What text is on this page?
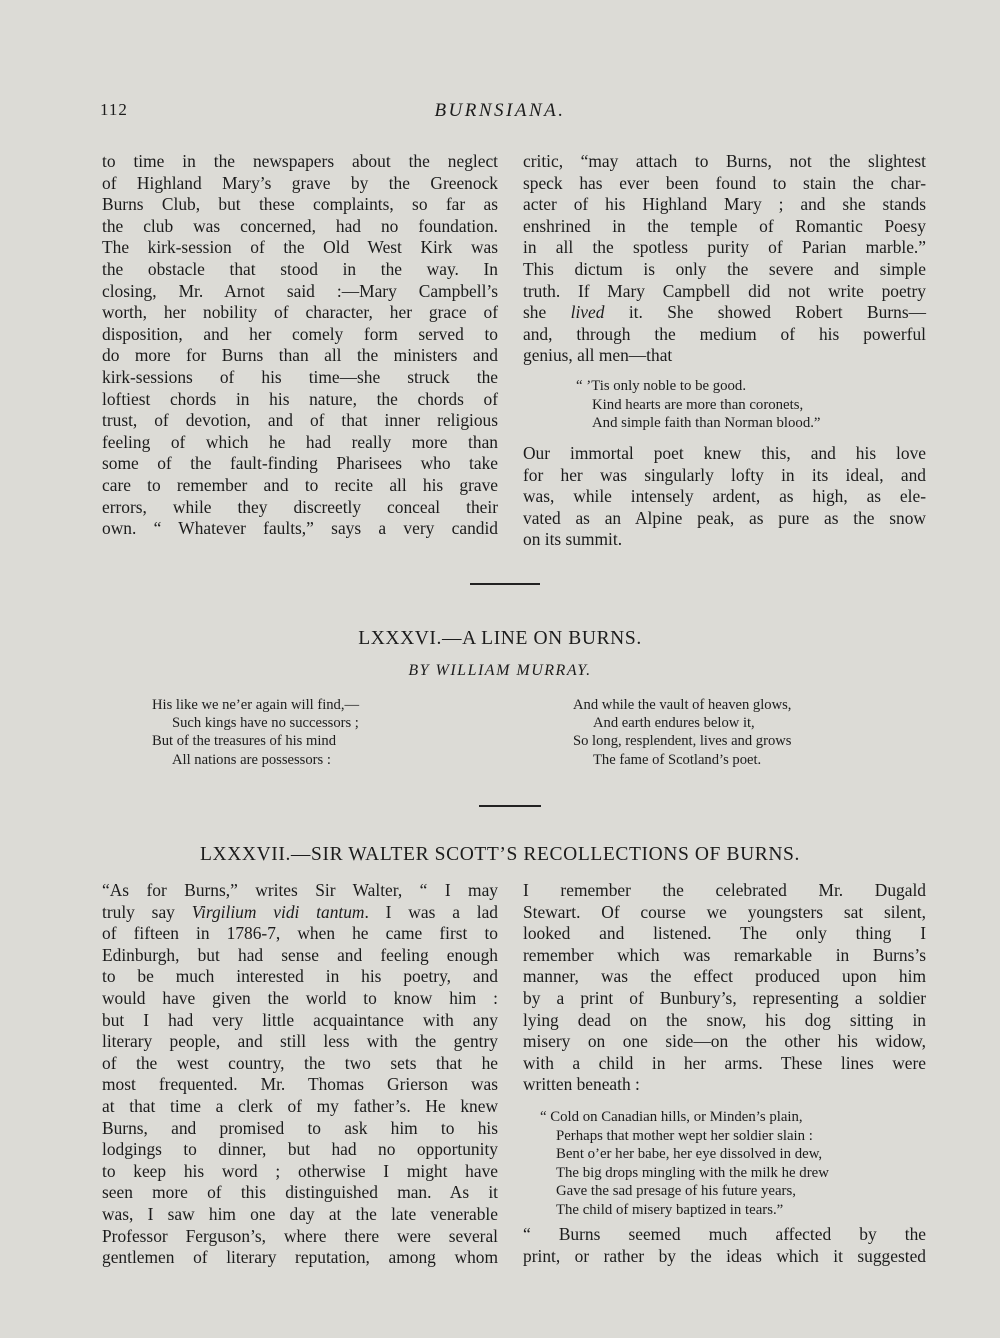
112	BURNSIANA.
to time in the newspapers about the neglect
of Highland Mary’s grave by the Greenock
Burns Club, but these complaints, so far as
the club was concerned, had no foundation.
The kirk-session of the Old West Kirk was
the obstacle that stood in the way. In
closing, Mr. Arnot said :—Mary Campbell’s
worth, her nobility of character, her grace of
disposition, and her comely form served to
do more for Burns than all the ministers and
kirk-sessions of his time—she struck the
loftiest chords in his nature, the chords of
trust, of devotion, and of that inner religious
feeling of which he had really more than
some of the fault-finding Pharisees who take
care to remember and to recite all his grave
errors, while they discreetly conceal their
own. “ Whatever faults,” says a very candid
critic, “may attach to Burns, not the slightest
speck has ever been found to stain the char-
acter of his Highland Mary ; and she stands
enshrined in the temple of Romantic Poesy
in all the spotless purity of Parian marble.”
This dictum is only the severe and simple
truth. If Mary Campbell did not write poetry
she lived it. She showed Robert Burns—
and, through the medium of his powerful
genius, all men—that
“ ’Tis only noble to be good.
Kind hearts are more than coronets,
And simple faith than Norman blood.”
Our immortal poet knew this, and his love
for her was singularly lofty in its ideal, and
was, while intensely ardent, as high, as ele-
vated as an Alpine peak, as pure as the snow
on its summit.
LXXXVI.—A LINE ON BURNS.
BY WILLIAM MURRAY.
His like we ne’er again will find,—
Such kings have no successors ;
But of the treasures of his mind
All nations are possessors :
And while the vault of heaven glows,
And earth endures below it,
So long, resplendent, lives and grows
The fame of Scotland’s poet.
LXXXVII.—SIR WALTER SCOTT’S RECOLLECTIONS OF BURNS.
“As for Burns,” writes Sir Walter, “ I may
truly say Virgilium vidi tantum. I was a lad
of fifteen in 1786-7, when he came first to
Edinburgh, but had sense and feeling enough
to be much interested in his poetry, and
would have given the world to know him :
but I had very little acquaintance with any
literary people, and still less with the gentry
of the west country, the two sets that he
most frequented. Mr. Thomas Grierson was
at that time a clerk of my father’s. He knew
Burns, and promised to ask him to his
lodgings to dinner, but had no opportunity
to keep his word ; otherwise I might have
seen more of this distinguished man. As it
was, I saw him one day at the late venerable
Professor Ferguson’s, where there were several
gentlemen of literary reputation, among whom
I remember the celebrated Mr. Dugald
Stewart. Of course we youngsters sat silent,
looked and listened. The only thing I
remember which was remarkable in Burns’s
manner, was the effect produced upon him
by a print of Bunbury’s, representing a soldier
lying dead on the snow, his dog sitting in
misery on one side—on the other his widow,
with a child in her arms. These lines were
written beneath :
“ Cold on Canadian hills, or Minden’s plain,
Perhaps that mother wept her soldier slain :
Bent o’er her babe, her eye dissolved in dew,
The big drops mingling with the milk he drew
Gave the sad presage of his future years,
The child of misery baptized in tears.”
“ Burns seemed much affected by the
print, or rather by the ideas which it suggested
